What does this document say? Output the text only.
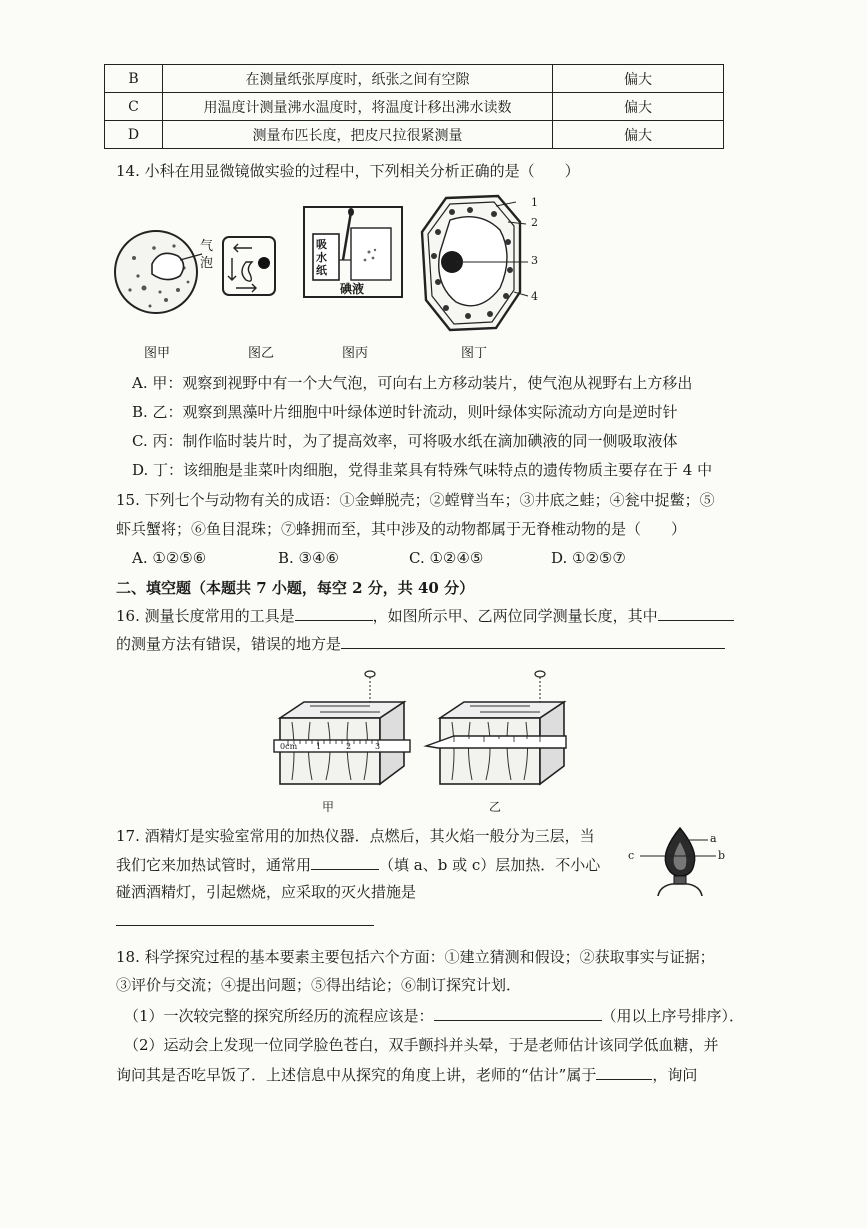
B	在测量纸张厚度时，纸张之间有空隙	偏大
C	用温度计测量沸水温度时，将温度计移出沸水读数	偏大
D	测量布匹长度，把皮尺拉很紧测量	偏大
14. 小科在用显微镜做实验的过程中，下列相关分析正确的是（　　）
气泡
吸水纸
碘液
1
2
3
4
图甲	图乙	图丙	图丁
A. 甲：观察到视野中有一个大气泡，可向右上方移动装片，使气泡从视野右上方移出
B. 乙：观察到黑藻叶片细胞中叶绿体逆时针流动，则叶绿体实际流动方向是逆时针
C. 丙：制作临时装片时，为了提高效率，可将吸水纸在滴加碘液的同一侧吸取液体
D. 丁：该细胞是韭菜叶肉细胞，党得韭菜具有特殊气味特点的遗传物质主要存在于 4 中
15. 下列七个与动物有关的成语：①金蝉脱壳；②螳臂当车；③井底之蛙；④瓮中捉鳖；⑤
虾兵蟹将；⑥鱼目混珠；⑦蜂拥而至，其中涉及的动物都属于无脊椎动物的是（　　）
A. ①②⑤⑥	B. ③④⑥	C. ①②④⑤	D. ①②⑤⑦
二、填空题（本题共 7 小题，每空 2 分，共 40 分）
16. 测量长度常用的工具是	，如图所示甲、乙两位同学测量长度，其中
的测量方法有错误，错误的地方是
0cm 1	2	3
甲	乙
17. 酒精灯是实验室常用的加热仪器．点燃后，其火焰一般分为三层，当
我们它来加热试管时，通常用	（填 a、b 或 c）层加热．不小心
碰洒酒精灯，引起燃烧，应采取的灭火措施是
a
b
c
18. 科学探究过程的基本要素主要包括六个方面：①建立猜测和假设；②获取事实与证据；
③评价与交流；④提出问题；⑤得出结论；⑥制订探究计划．
（1）一次较完整的探究所经历的流程应该是：	（用以上序号排序）．
（2）运动会上发现一位同学脸色苍白，双手颤抖并头晕，于是老师估计该同学低血糖，并
询问其是否吃早饭了．上述信息中从探究的角度上讲，老师的“估计”属于	，询问
